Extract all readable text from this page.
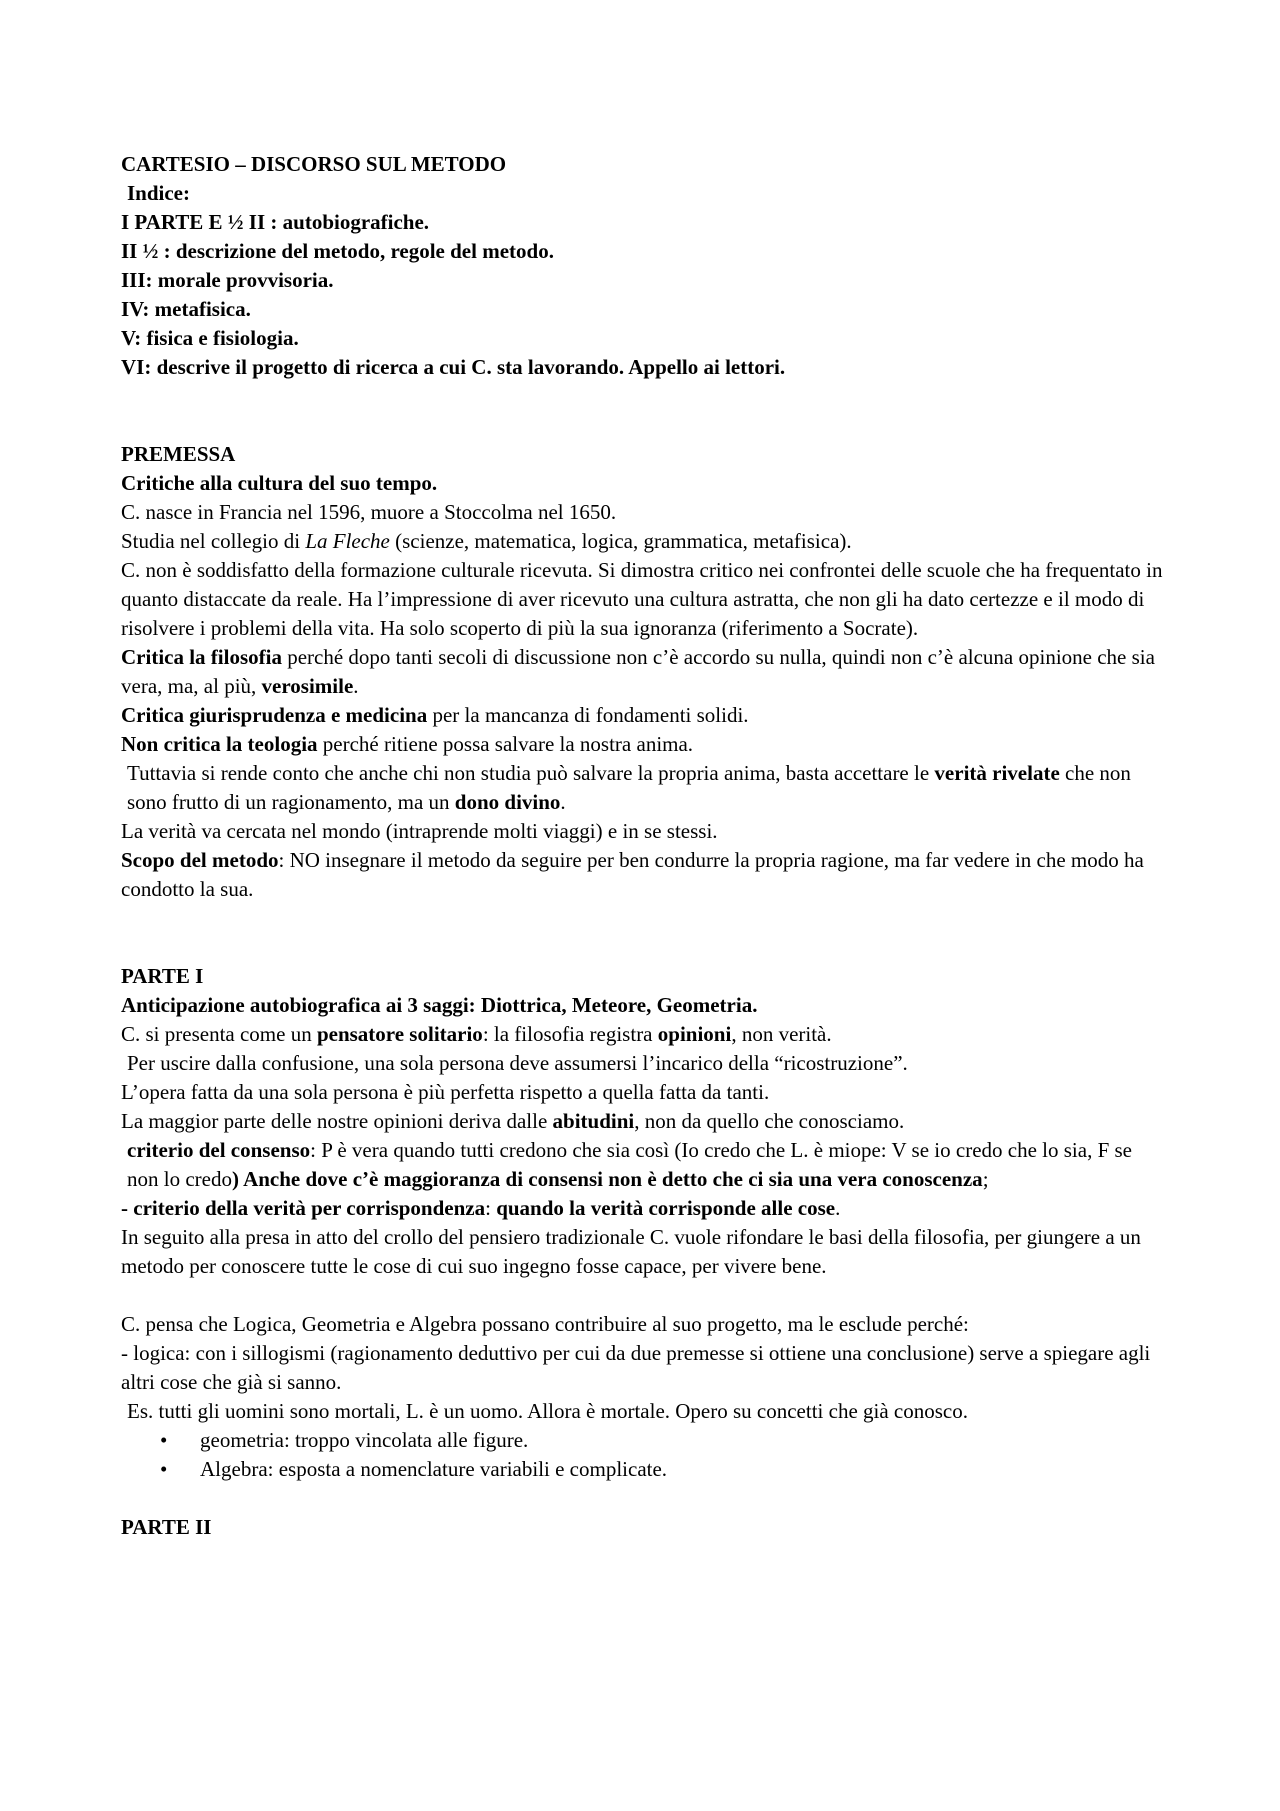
CARTESIO – DISCORSO SUL METODO

Indice:

I PARTE E ½ II : autobiografiche.

II ½ : descrizione del metodo, regole del metodo.

III: morale provvisoria.

IV: metafisica.

V: fisica e fisiologia.

VI: descrive il progetto di ricerca a cui C. sta lavorando. Appello ai lettori.

PREMESSA

Critiche alla cultura del suo tempo.

C. nasce in Francia nel 1596, muore a Stoccolma nel 1650.

Studia nel collegio di La Fleche (scienze, matematica, logica, grammatica, metafisica).

C. non è soddisfatto della formazione culturale ricevuta. Si dimostra critico nei confrontei delle scuole che ha frequentato in quanto distaccate da reale. Ha l’impressione di aver ricevuto una cultura astratta, che non gli ha dato certezze e il modo di risolvere i problemi della vita. Ha solo scoperto di più la sua ignoranza (riferimento a Socrate).

Critica la filosofia perché dopo tanti secoli di discussione non c’è accordo su nulla, quindi non c’è alcuna opinione che sia vera, ma, al più, verosimile.

Critica giurisprudenza e medicina per la mancanza di fondamenti solidi.

Non critica la teologia perché ritiene possa salvare la nostra anima.

Tuttavia si rende conto che anche chi non studia può salvare la propria anima, basta accettare le verità rivelate che non sono frutto di un ragionamento, ma un dono divino.

La verità va cercata nel mondo (intraprende molti viaggi) e in se stessi.

Scopo del metodo: NO insegnare il metodo da seguire per ben condurre la propria ragione, ma far vedere in che modo ha condotto la sua.

PARTE I

Anticipazione autobiografica ai 3 saggi: Diottrica, Meteore, Geometria.

C. si presenta come un pensatore solitario: la filosofia registra opinioni, non verità.

Per uscire dalla confusione, una sola persona deve assumersi l’incarico della “ricostruzione”.

L’opera fatta da una sola persona è più perfetta rispetto a quella fatta da tanti.

La maggior parte delle nostre opinioni deriva dalle abitudini, non da quello che conosciamo.

criterio del consenso: P è vera quando tutti credono che sia così (Io credo che L. è miope: V se io credo che lo sia, F se non lo credo) Anche dove c’è maggioranza di consensi non è detto che ci sia una vera conoscenza;

- criterio della verità per corrispondenza: quando la verità corrisponde alle cose.

In seguito alla presa in atto del crollo del pensiero tradizionale C. vuole rifondare le basi della filosofia, per giungere a un metodo per conoscere tutte le cose di cui suo ingegno fosse capace, per vivere bene.

C. pensa che Logica, Geometria e Algebra possano contribuire al suo progetto, ma le esclude perché:

- logica: con i sillogismi (ragionamento deduttivo per cui da due premesse si ottiene una conclusione) serve a spiegare agli altri cose che già si sanno.

Es. tutti gli uomini sono mortali, L. è un uomo. Allora è mortale. Opero su concetti che già conosco.

• geometria: troppo vincolata alle figure.
• Algebra: esposta a nomenclature variabili e complicate.

PARTE II
